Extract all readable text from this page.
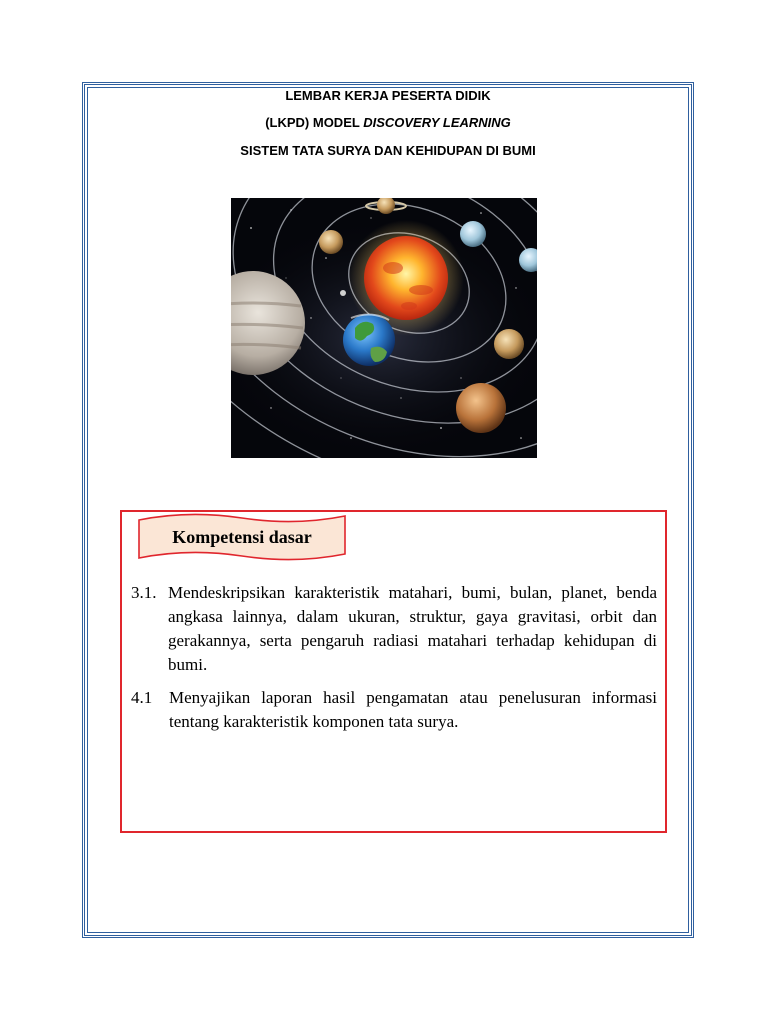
LEMBAR KERJA PESERTA DIDIK
(LKPD) MODEL DISCOVERY LEARNING
SISTEM TATA SURYA DAN KEHIDUPAN DI BUMI
Kompetensi dasar
3.1. Mendeskripsikan karakteristik matahari, bumi, bulan, planet, benda angkasa lainnya, dalam ukuran, struktur, gaya gravitasi, orbit dan gerakannya, serta pengaruh radiasi matahari terhadap kehidupan di bumi.
4.1 Menyajikan laporan hasil pengamatan atau penelusuran informasi tentang karakteristik komponen tata surya.
